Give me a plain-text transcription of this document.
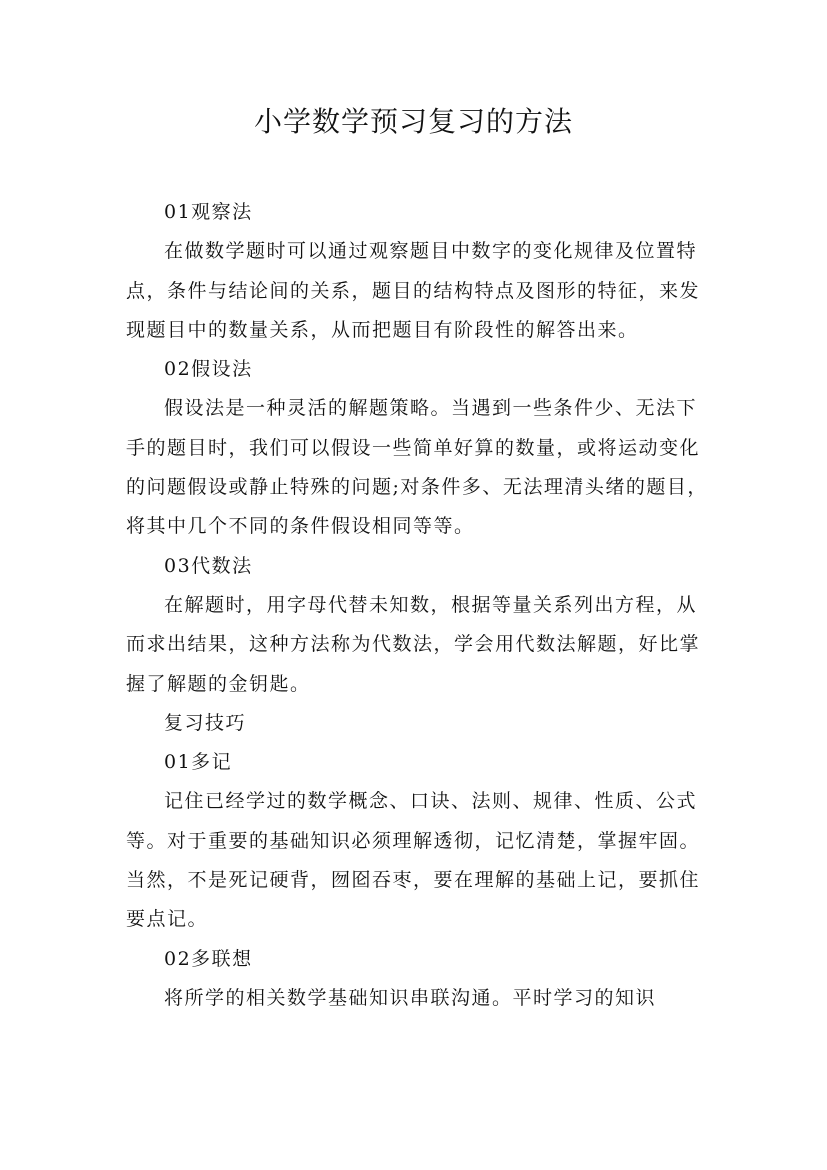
小学数学预习复习的方法

01观察法

在做数学题时可以通过观察题目中数字的变化规律及位置特点，条件与结论间的关系，题目的结构特点及图形的特征，来发现题目中的数量关系，从而把题目有阶段性的解答出来。

02假设法

假设法是一种灵活的解题策略。当遇到一些条件少、无法下手的题目时，我们可以假设一些简单好算的数量，或将运动变化的问题假设或静止特殊的问题;对条件多、无法理清头绪的题目，将其中几个不同的条件假设相同等等。

03代数法

在解题时，用字母代替未知数，根据等量关系列出方程，从而求出结果，这种方法称为代数法，学会用代数法解题，好比掌握了解题的金钥匙。

复习技巧

01多记

记住已经学过的数学概念、口诀、法则、规律、性质、公式等。对于重要的基础知识必须理解透彻，记忆清楚，掌握牢固。当然，不是死记硬背，囫囵吞枣，要在理解的基础上记，要抓住要点记。

02多联想

将所学的相关数学基础知识串联沟通。平时学习的知识
